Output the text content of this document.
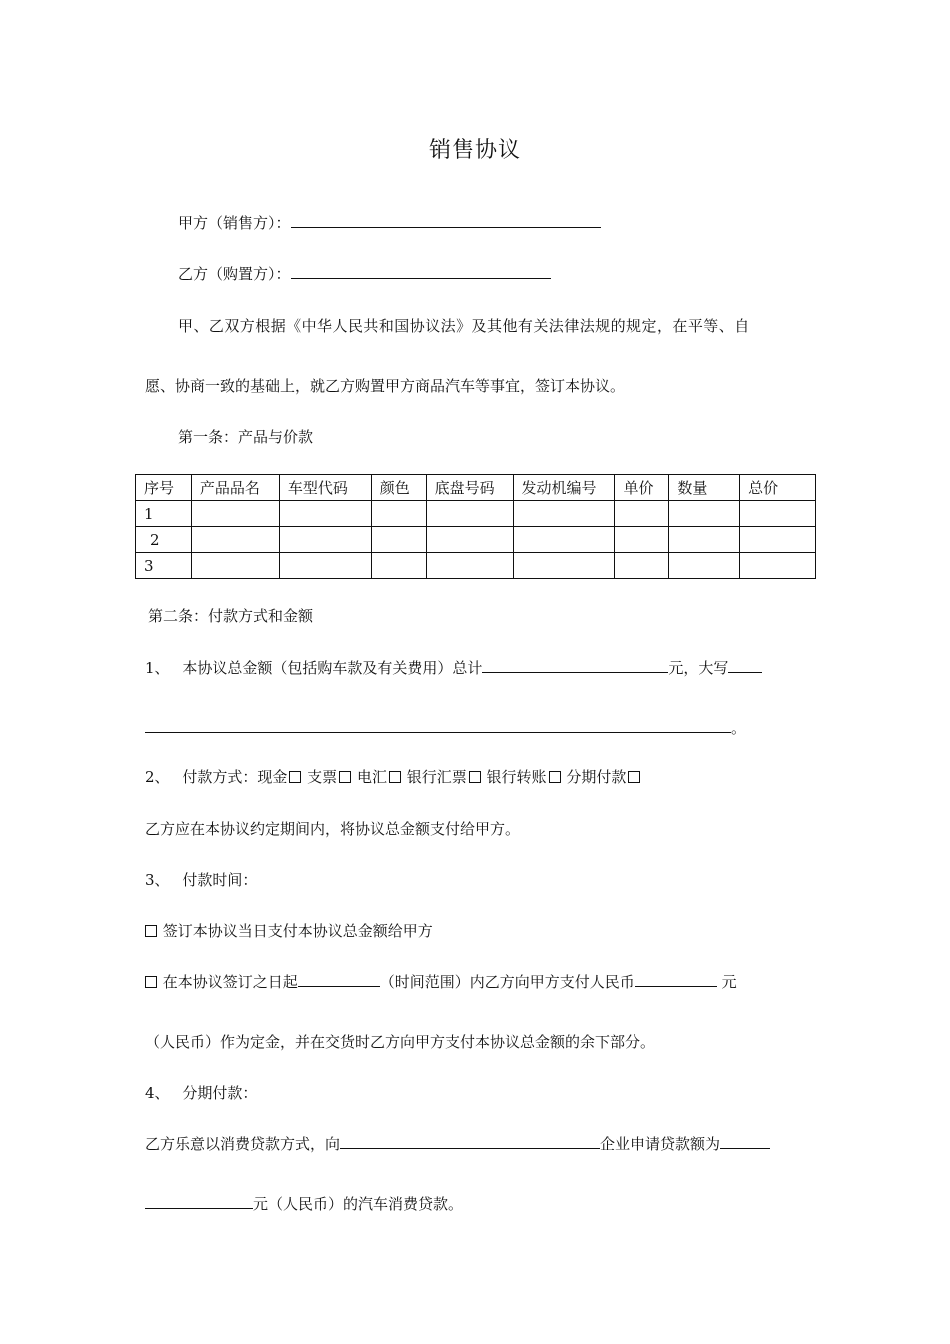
销售协议
甲方（销售方）：
乙方（购置方）：
甲、乙双方根据《中华人民共和国协议法》及其他有关法律法规的规定，在平等、自
愿、协商一致的基础上，就乙方购置甲方商品汽车等事宜，签订本协议。
第一条：产品与价款
序号	产品品名	车型代码	颜色	底盘号码	发动机编号	单价	数量	总价
1								
2								
3								
第二条：付款方式和金额
1、 本协议总金额（包括购车款及有关费用）总计	元，大写
。
2、 付款方式：现金 支票 电汇 银行汇票 银行转账 分期付款
乙方应在本协议约定期间内，将协议总金额支付给甲方。
3、 付款时间：
签订本协议当日支付本协议总金额给甲方
在本协议签订之日起	（时间范围）内乙方向甲方支付人民币	元
（人民币）作为定金，并在交货时乙方向甲方支付本协议总金额的余下部分。
4、 分期付款：
乙方乐意以消费贷款方式，向	企业申请贷款额为
元（人民币）的汽车消费贷款。
